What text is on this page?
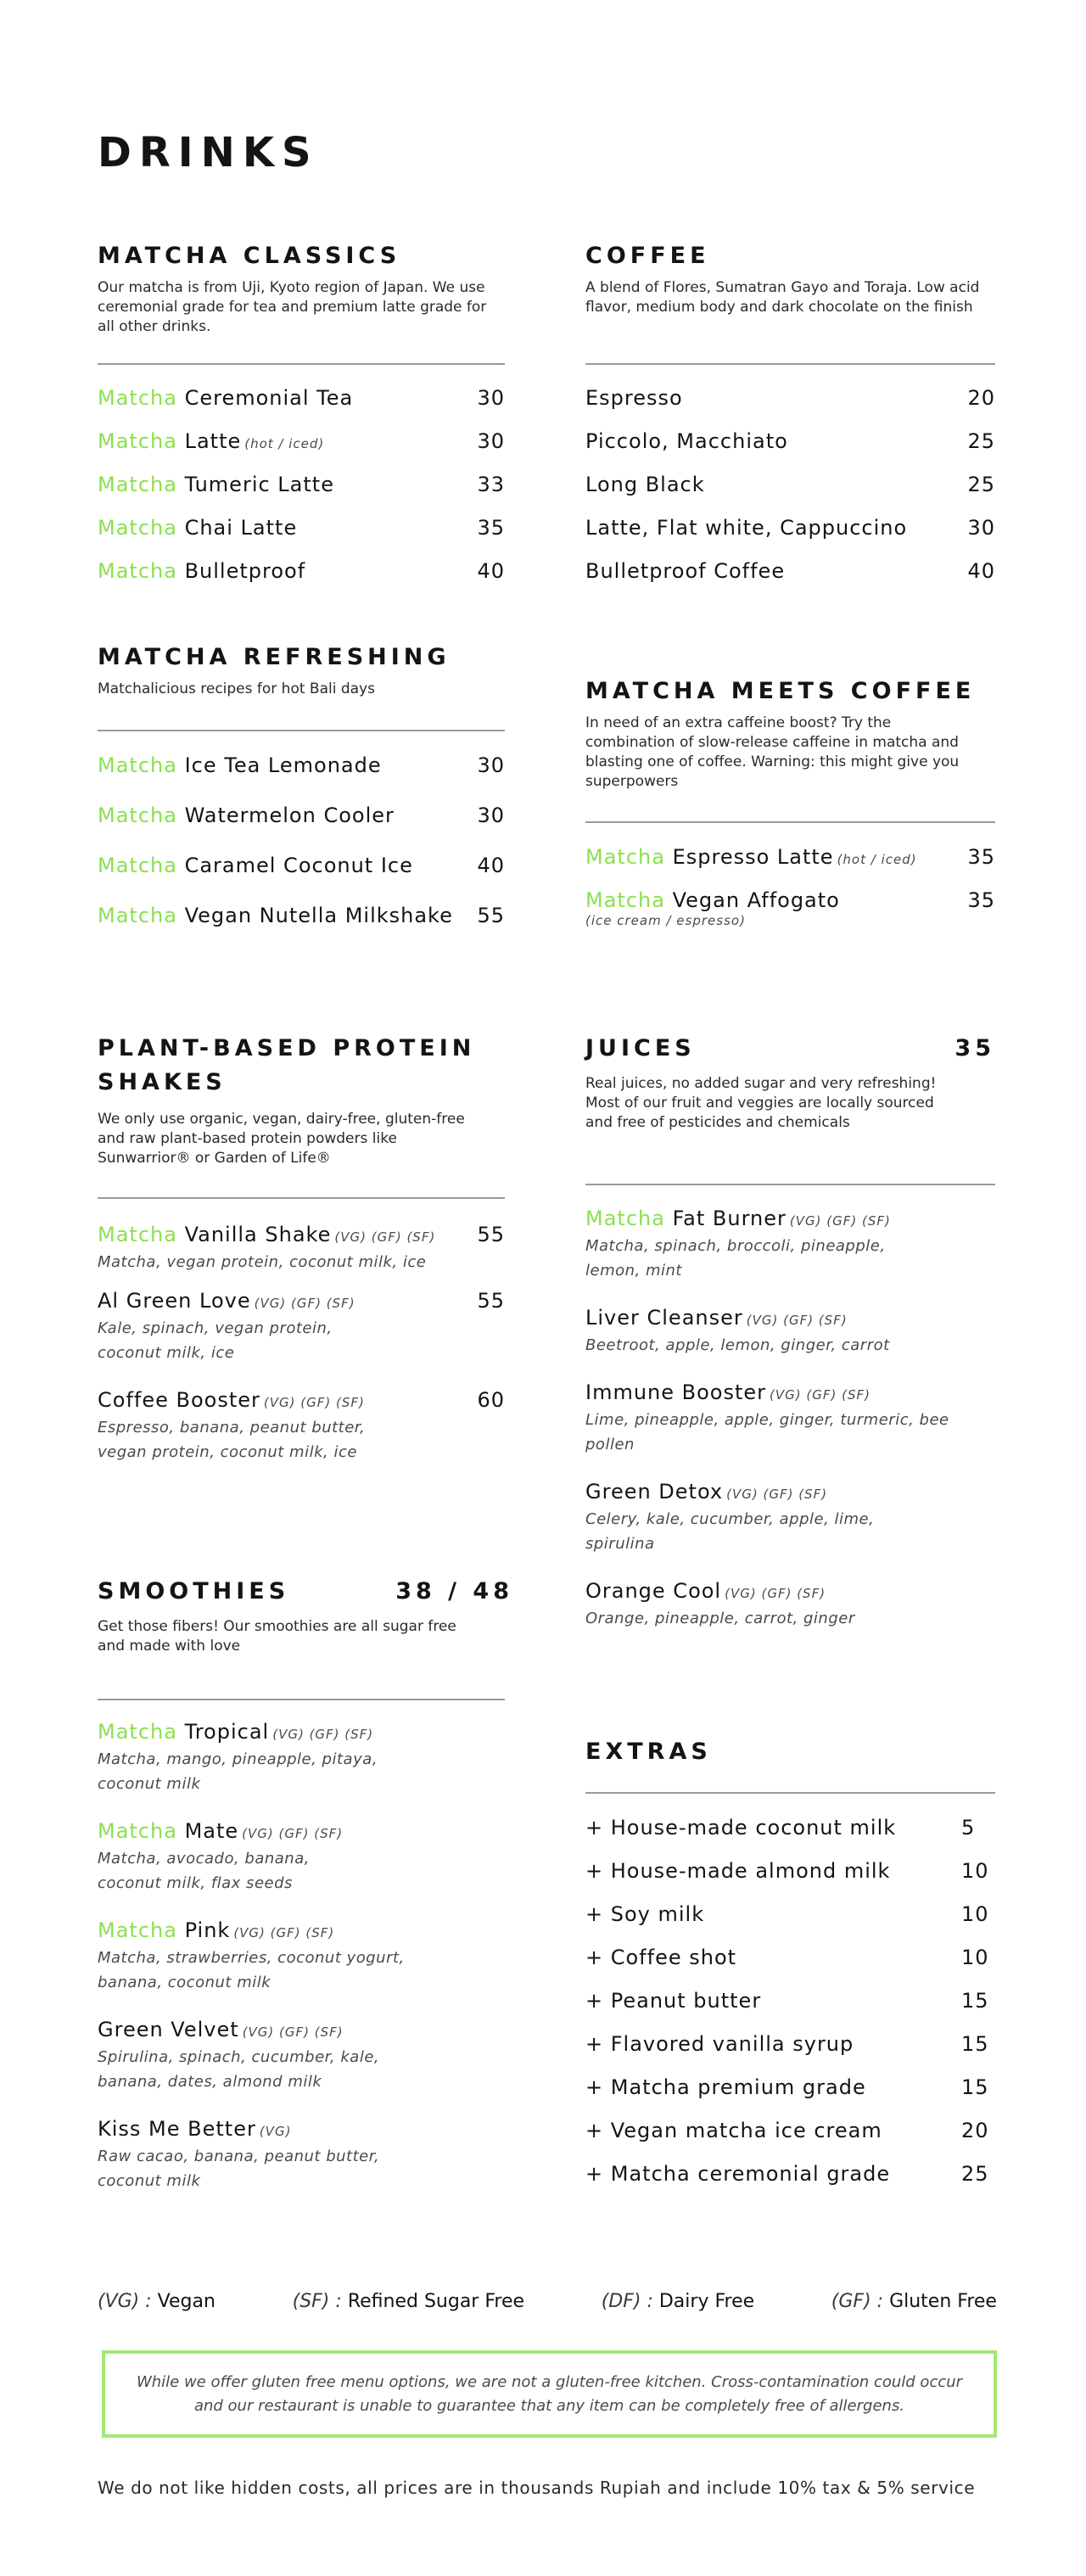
DRINKS
MATCHA CLASSICS
Our matcha is from Uji, Kyoto region of Japan. We use ceremonial grade for tea and premium latte grade for all other drinks.
Matcha Ceremonial Tea	30
Matcha Latte (hot / iced)	30
Matcha Tumeric Latte	33
Matcha Chai Latte	35
Matcha Bulletproof	40
COFFEE
A blend of Flores, Sumatran Gayo and Toraja. Low acid flavor, medium body and dark chocolate on the finish
Espresso	20
Piccolo, Macchiato	25
Long Black	25
Latte, Flat white, Cappuccino	30
Bulletproof Coffee	40
MATCHA REFRESHING
Matchalicious recipes for hot Bali days
Matcha Ice Tea Lemonade	30
Matcha Watermelon Cooler	30
Matcha Caramel Coconut Ice	40
Matcha Vegan Nutella Milkshake 55
MATCHA MEETS COFFEE
In need of an extra caffeine boost? Try the combination of slow-release caffeine in matcha and blasting one of coffee. Warning: this might give you superpowers
Matcha Espresso Latte (hot / iced) 35
Matcha Vegan Affogato	35
(ice cream / espresso)
PLANT-BASED PROTEIN SHAKES
We only use organic, vegan, dairy-free, gluten-free and raw plant-based protein powders like Sunwarrior® or Garden of Life®
Matcha Vanilla Shake (VG) (GF) (SF) 55
Matcha, vegan protein, coconut milk, ice
Al Green Love (VG) (GF) (SF)	55
Kale, spinach, vegan protein, coconut milk, ice
Coffee Booster (VG) (GF) (SF)	60
Espresso, banana, peanut butter, vegan protein, coconut milk, ice
JUICES	35
Real juices, no added sugar and very refreshing! Most of our fruit and veggies are locally sourced and free of pesticides and chemicals
Matcha Fat Burner (VG) (GF) (SF)
Matcha, spinach, broccoli, pineapple, lemon, mint
Liver Cleanser (VG) (GF) (SF)
Beetroot, apple, lemon, ginger, carrot
Immune Booster (VG) (GF) (SF)
Lime, pineapple, apple, ginger, turmeric, bee pollen
Green Detox (VG) (GF) (SF)
Celery, kale, cucumber, apple, lime, spirulina
Orange Cool (VG) (GF) (SF)
Orange, pineapple, carrot, ginger
SMOOTHIES	38 / 48
Get those fibers! Our smoothies are all sugar free and made with love
Matcha Tropical (VG) (GF) (SF)
Matcha, mango, pineapple, pitaya, coconut milk
Matcha Mate (VG) (GF) (SF)
Matcha, avocado, banana, coconut milk, flax seeds
Matcha Pink (VG) (GF) (SF)
Matcha, strawberries, coconut yogurt, banana, coconut milk
Green Velvet (VG) (GF) (SF)
Spirulina, spinach, cucumber, kale, banana, dates, almond milk
Kiss Me Better (VG)
Raw cacao, banana, peanut butter, coconut milk
EXTRAS
+ House-made coconut milk	5
+ House-made almond milk	10
+ Soy milk	10
+ Coffee shot	10
+ Peanut butter	15
+ Flavored vanilla syrup	15
+ Matcha premium grade	15
+ Vegan matcha ice cream	20
+ Matcha ceremonial grade	25
(VG) : Vegan	(SF) : Refined Sugar Free	(DF) : Dairy Free	(GF) : Gluten Free
While we offer gluten free menu options, we are not a gluten-free kitchen. Cross-contamination could occur and our restaurant is unable to guarantee that any item can be completely free of allergens.
We do not like hidden costs, all prices are in thousands Rupiah and include 10% tax & 5% service
